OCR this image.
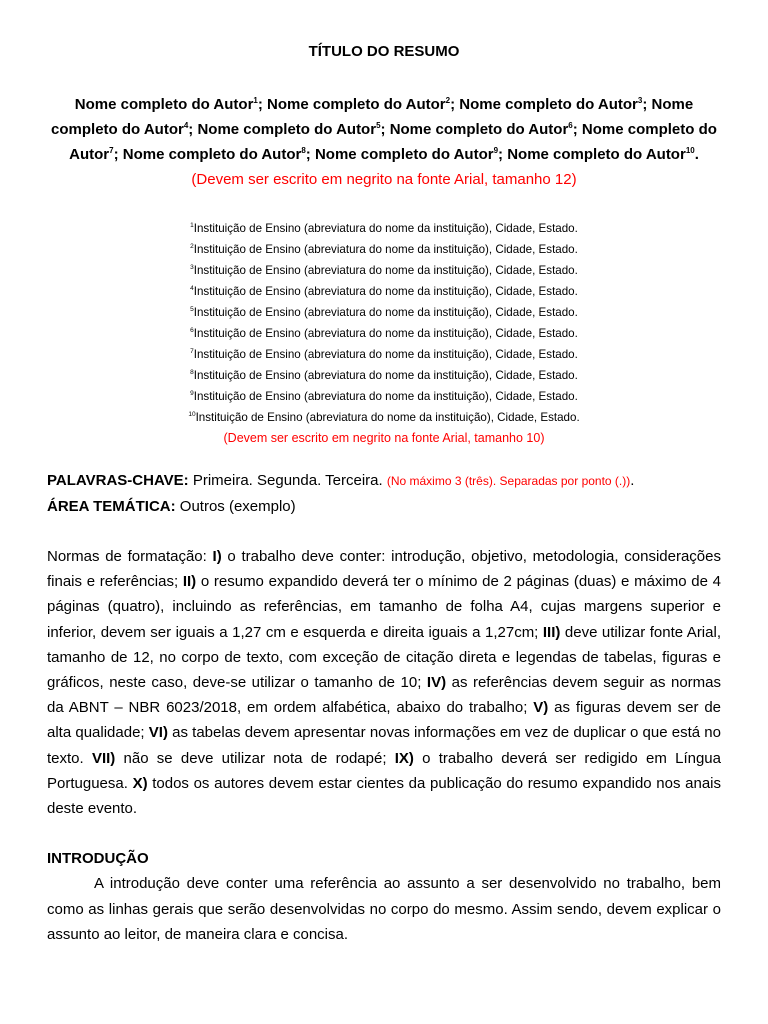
TÍTULO DO RESUMO
Nome completo do Autor$^1$; Nome completo do Autor$^2$; Nome completo do Autor$^3$; Nome completo do Autor$^4$; Nome completo do Autor$^5$; Nome completo do Autor$^6$; Nome completo do Autor$^7$; Nome completo do Autor$^8$; Nome completo do Autor$^9$; Nome completo do Autor$^{10}$. (Devem ser escrito em negrito na fonte Arial, tamanho 12)
$^1$Instituição de Ensino (abreviatura do nome da instituição), Cidade, Estado.
$^2$Instituição de Ensino (abreviatura do nome da instituição), Cidade, Estado.
$^3$Instituição de Ensino (abreviatura do nome da instituição), Cidade, Estado.
$^4$Instituição de Ensino (abreviatura do nome da instituição), Cidade, Estado.
$^5$Instituição de Ensino (abreviatura do nome da instituição), Cidade, Estado.
$^6$Instituição de Ensino (abreviatura do nome da instituição), Cidade, Estado.
$^7$Instituição de Ensino (abreviatura do nome da instituição), Cidade, Estado.
$^8$Instituição de Ensino (abreviatura do nome da instituição), Cidade, Estado.
$^9$Instituição de Ensino (abreviatura do nome da instituição), Cidade, Estado.
$^{10}$Instituição de Ensino (abreviatura do nome da instituição), Cidade, Estado.
(Devem ser escrito em negrito na fonte Arial, tamanho 10)
PALAVRAS-CHAVE: Primeira. Segunda. Terceira. (No máximo 3 (três). Separadas por ponto (.)).
ÁREA TEMÁTICA: Outros (exemplo)
Normas de formatação: I) o trabalho deve conter: introdução, objetivo, metodologia, considerações finais e referências; II) o resumo expandido deverá ter o mínimo de 2 páginas (duas) e máximo de 4 páginas (quatro), incluindo as referências, em tamanho de folha A4, cujas margens superior e inferior, devem ser iguais a 1,27 cm e esquerda e direita iguais a 1,27cm; III) deve utilizar fonte Arial, tamanho de 12, no corpo de texto, com exceção de citação direta e legendas de tabelas, figuras e gráficos, neste caso, deve-se utilizar o tamanho de 10; IV) as referências devem seguir as normas da ABNT – NBR 6023/2018, em ordem alfabética, abaixo do trabalho; V) as figuras devem ser de alta qualidade; VI) as tabelas devem apresentar novas informações em vez de duplicar o que está no texto. VII) não se deve utilizar nota de rodapé; IX) o trabalho deverá ser redigido em Língua Portuguesa. X) todos os autores devem estar cientes da publicação do resumo expandido nos anais deste evento.
INTRODUÇÃO
A introdução deve conter uma referência ao assunto a ser desenvolvido no trabalho, bem como as linhas gerais que serão desenvolvidas no corpo do mesmo. Assim sendo, devem explicar o assunto ao leitor, de maneira clara e concisa.
